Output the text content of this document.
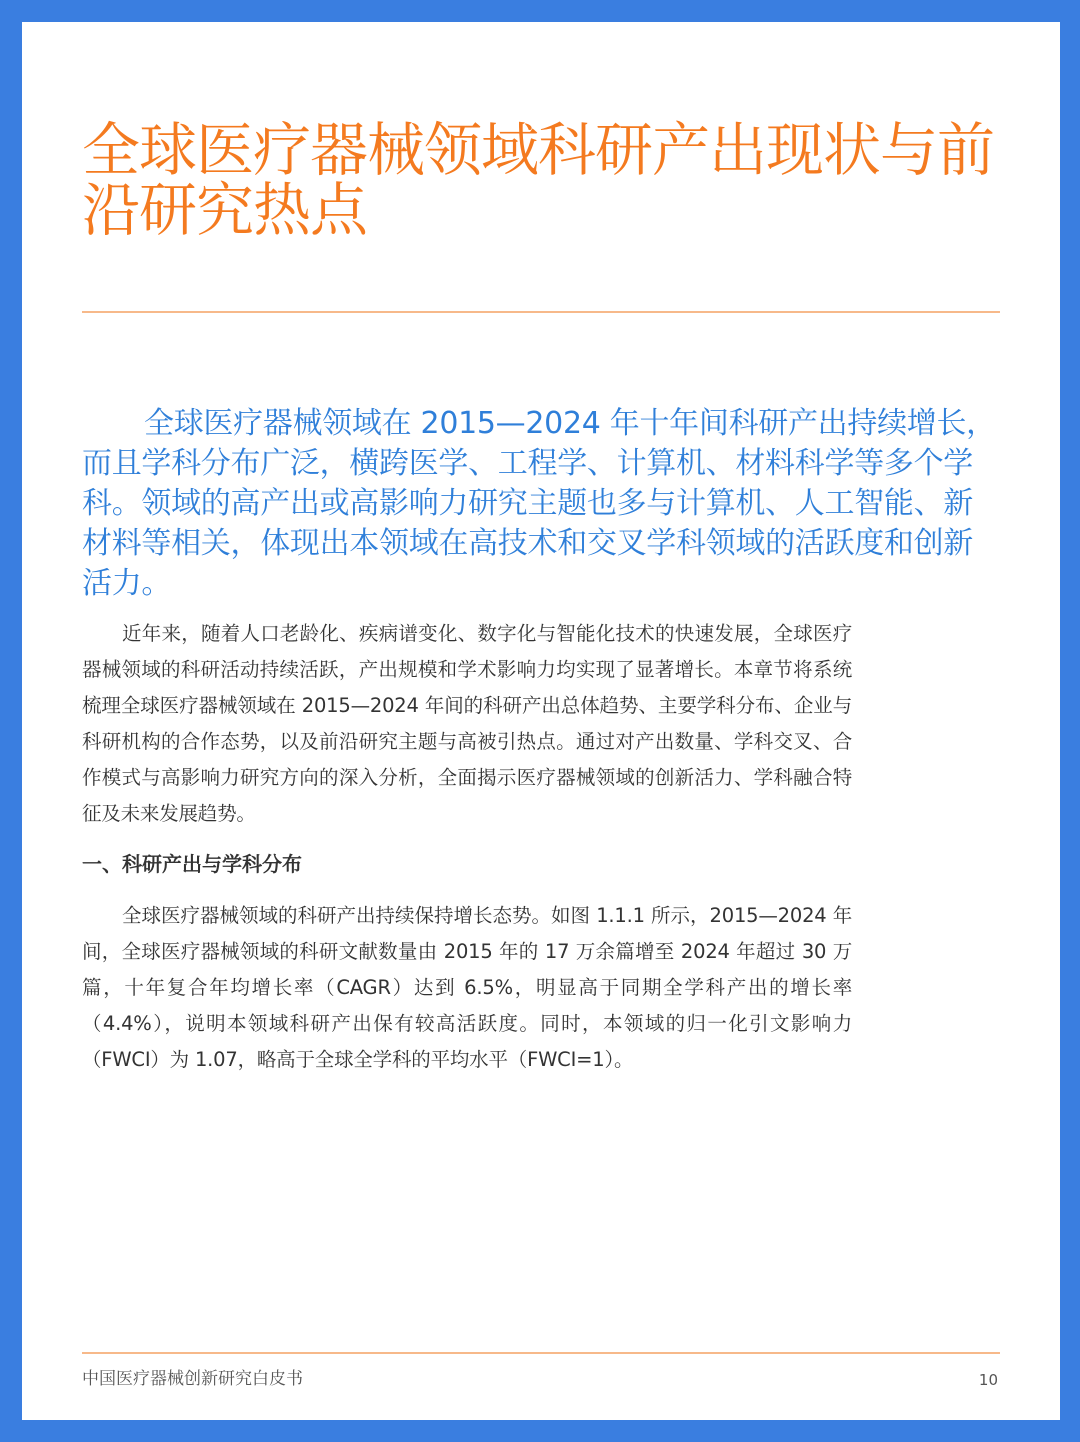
全球医疗器械领域科研产出现状与前沿研究热点

全球医疗器械领域在 2015—2024 年十年间科研产出持续增长，而且学科分布广泛，横跨医学、工程学、计算机、材料科学等多个学科。领域的高产出或高影响力研究主题也多与计算机、人工智能、新材料等相关，体现出本领域在高技术和交叉学科领域的活跃度和创新活力。

近年来，随着人口老龄化、疾病谱变化、数字化与智能化技术的快速发展，全球医疗器械领域的科研活动持续活跃，产出规模和学术影响力均实现了显著增长。本章节将系统梳理全球医疗器械领域在 2015—2024 年间的科研产出总体趋势、主要学科分布、企业与科研机构的合作态势，以及前沿研究主题与高被引热点。通过对产出数量、学科交叉、合作模式与高影响力研究方向的深入分析，全面揭示医疗器械领域的创新活力、学科融合特征及未来发展趋势。

一、科研产出与学科分布

全球医疗器械领域的科研产出持续保持增长态势。如图 1.1.1 所示，2015—2024 年间，全球医疗器械领域的科研文献数量由 2015 年的 17 万余篇增至 2024 年超过 30 万篇，十年复合年均增长率（CAGR）达到 6.5%，明显高于同期全学科产出的增长率（4.4%），说明本领域科研产出保有较高活跃度。同时，本领域的归一化引文影响力（FWCI）为 1.07，略高于全球全学科的平均水平（FWCI=1）。

中国医疗器械创新研究白皮书	10
